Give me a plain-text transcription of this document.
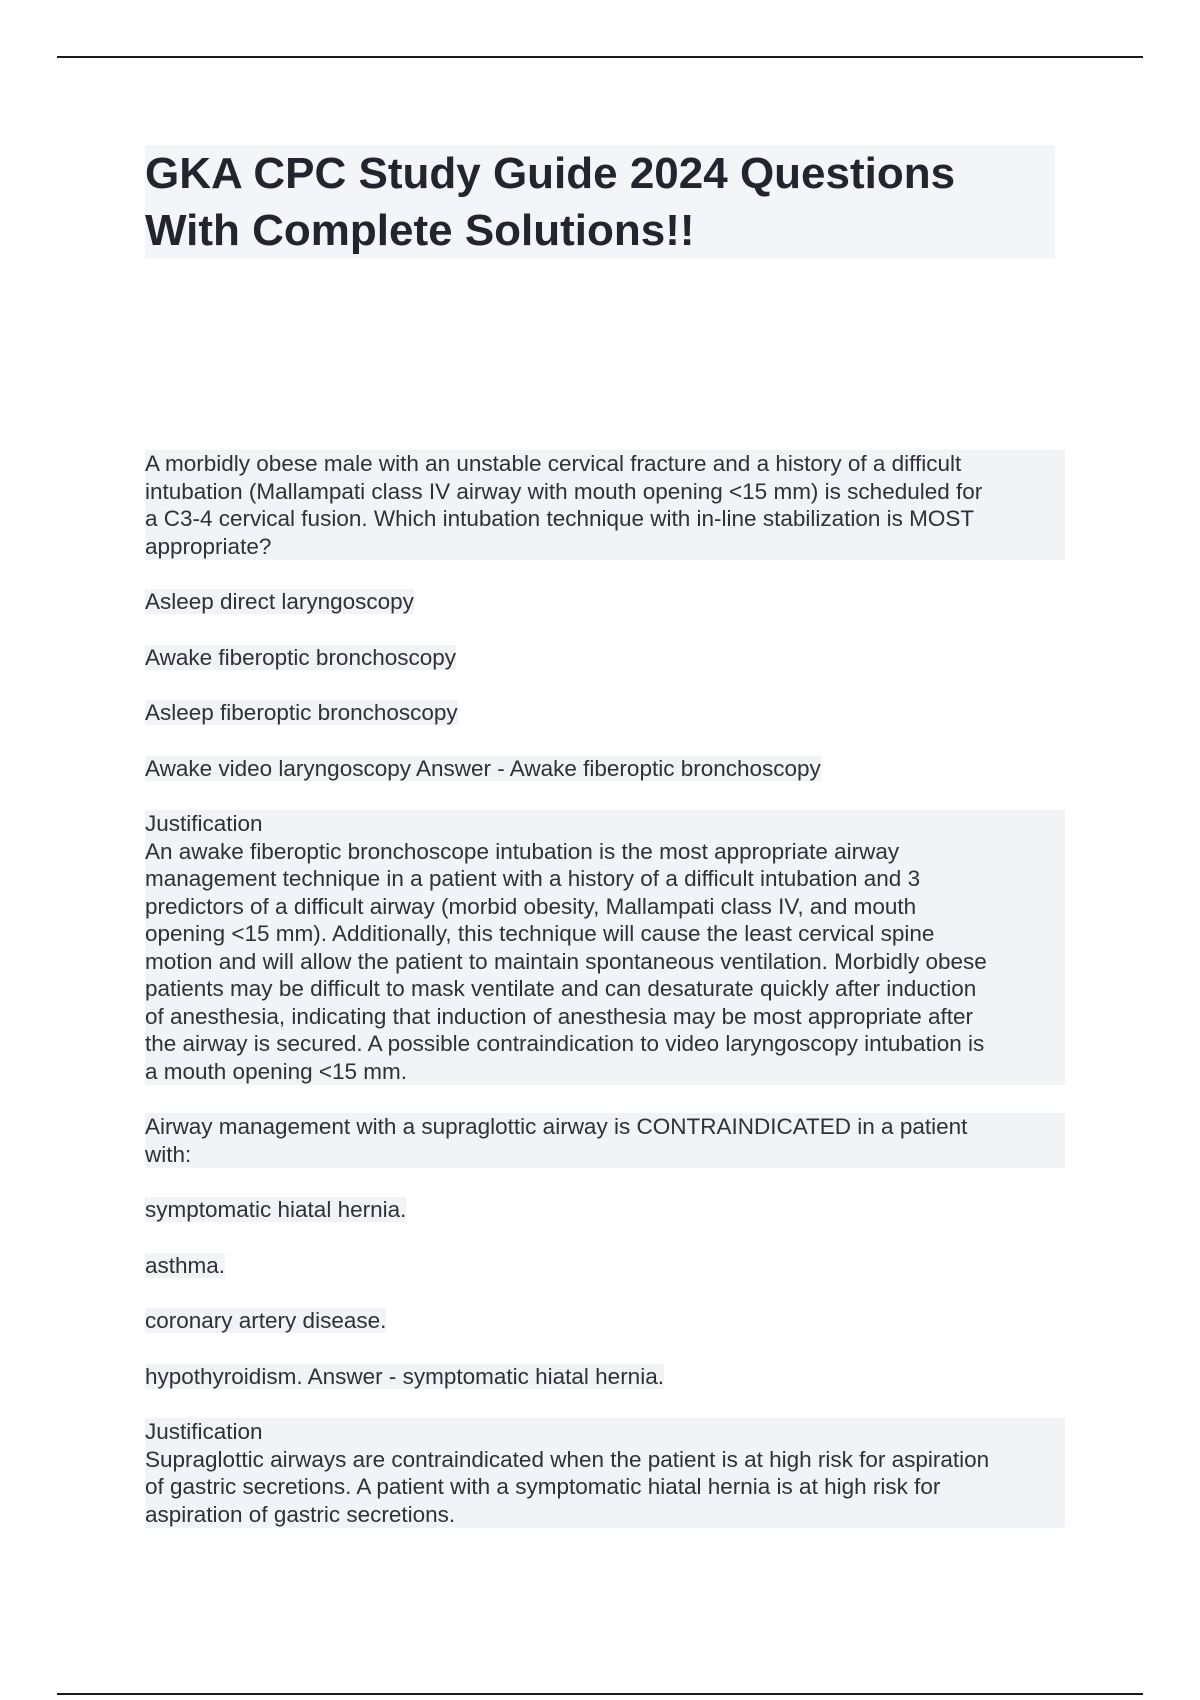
GKA CPC Study Guide 2024 Questions
With Complete Solutions!!
A morbidly obese male with an unstable cervical fracture and a history of a difficult
intubation (Mallampati class IV airway with mouth opening <15 mm) is scheduled for
a C3-4 cervical fusion. Which intubation technique with in-line stabilization is MOST
appropriate?
Asleep direct laryngoscopy
Awake fiberoptic bronchoscopy
Asleep fiberoptic bronchoscopy
Awake video laryngoscopy Answer - Awake fiberoptic bronchoscopy
Justification
An awake fiberoptic bronchoscope intubation is the most appropriate airway
management technique in a patient with a history of a difficult intubation and 3
predictors of a difficult airway (morbid obesity, Mallampati class IV, and mouth
opening <15 mm). Additionally, this technique will cause the least cervical spine
motion and will allow the patient to maintain spontaneous ventilation. Morbidly obese
patients may be difficult to mask ventilate and can desaturate quickly after induction
of anesthesia, indicating that induction of anesthesia may be most appropriate after
the airway is secured. A possible contraindication to video laryngoscopy intubation is
a mouth opening <15 mm.
Airway management with a supraglottic airway is CONTRAINDICATED in a patient
with:
symptomatic hiatal hernia.
asthma.
coronary artery disease.
hypothyroidism. Answer - symptomatic hiatal hernia.
Justification
Supraglottic airways are contraindicated when the patient is at high risk for aspiration
of gastric secretions. A patient with a symptomatic hiatal hernia is at high risk for
aspiration of gastric secretions.
